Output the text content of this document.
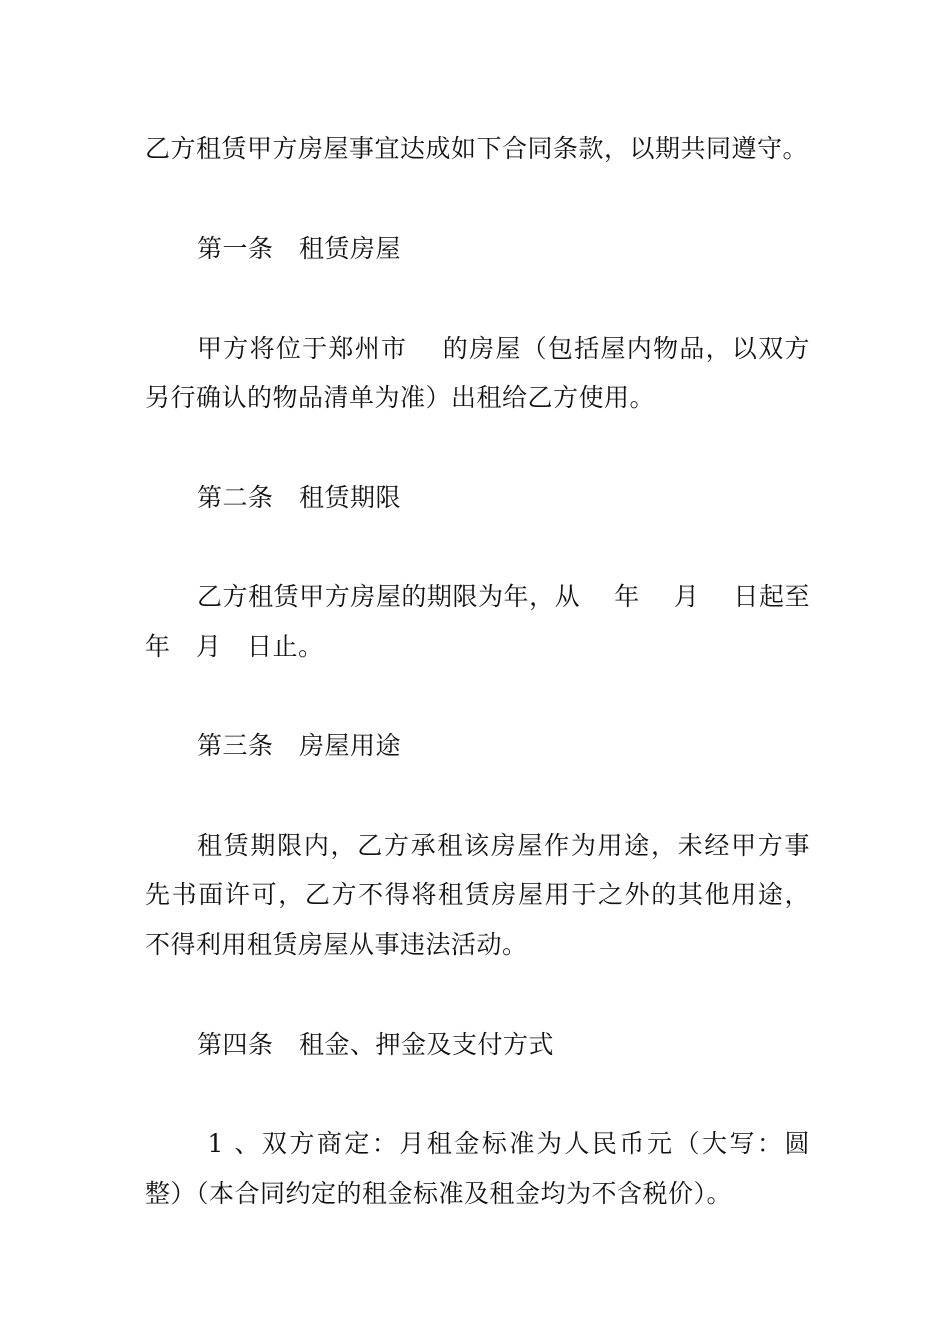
乙方租赁甲方房屋事宜达成如下合同条款，以期共同遵守。
第一条　租赁房屋
甲方将位于郑州市　 的房屋（包括屋内物品，以双方
另行确认的物品清单为准）出租给乙方使用。
第二条　租赁期限
乙方租赁甲方房屋的期限为年，从　 年　 月　 日起至
年　月　日止。
第三条　房屋用途
租赁期限内，乙方承租该房屋作为用途，未经甲方事
先书面许可，乙方不得将租赁房屋用于之外的其他用途，
不得利用租赁房屋从事违法活动。
第四条　租金、押金及支付方式
1 、双方商定：月租金标准为人民币元（大写：圆
整）（本合同约定的租金标准及租金均为不含税价）。
